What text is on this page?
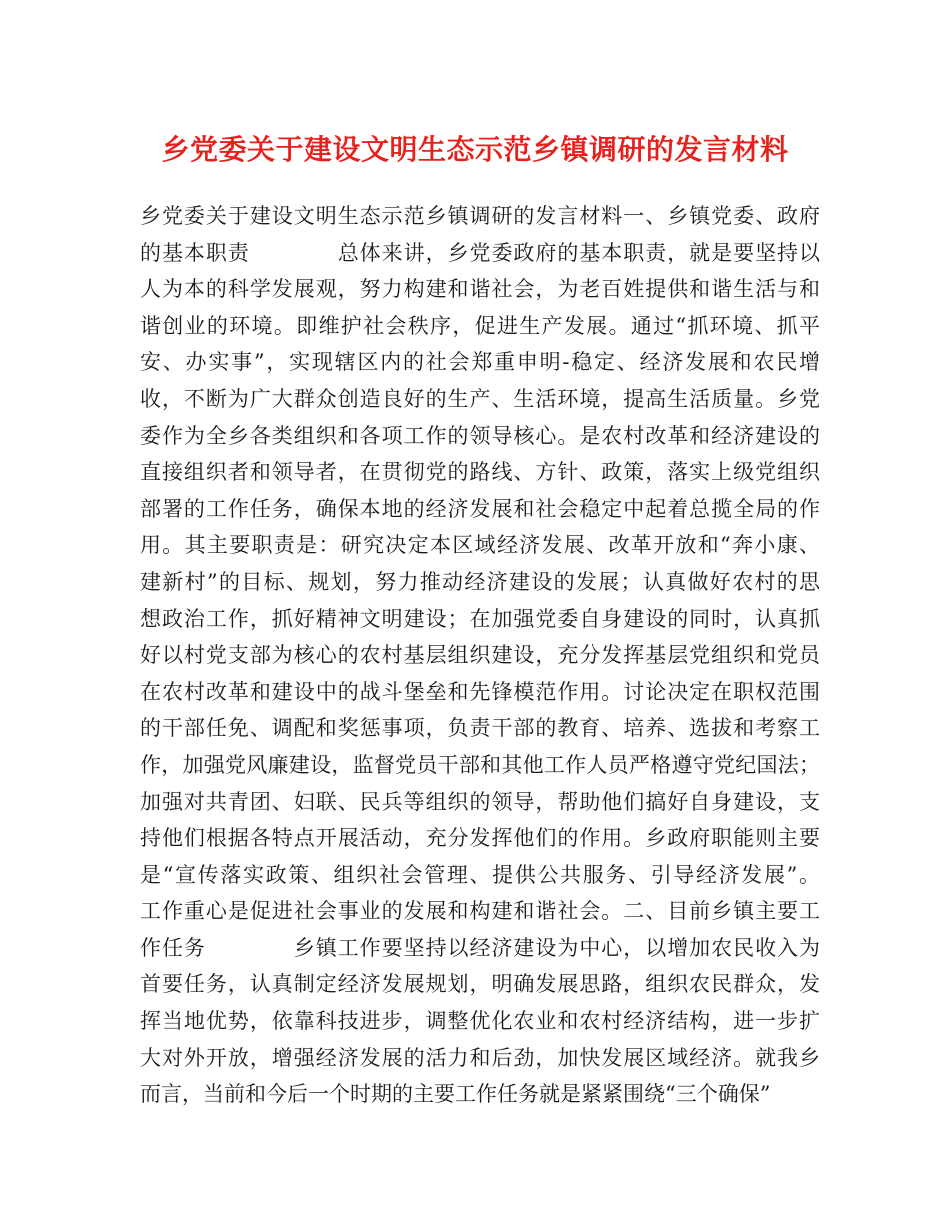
乡党委关于建设文明生态示范乡镇调研的发言材料
乡党委关于建设文明生态示范乡镇调研的发言材料一、乡镇党委、政府
的基本职责　　　　总体来讲，乡党委政府的基本职责，就是要坚持以
人为本的科学发展观，努力构建和谐社会，为老百姓提供和谐生活与和
谐创业的环境。即维护社会秩序，促进生产发展。通过“抓环境、抓平
安、办实事”，实现辖区内的社会郑重申明-稳定、经济发展和农民增
收，不断为广大群众创造良好的生产、生活环境，提高生活质量。乡党
委作为全乡各类组织和各项工作的领导核心。是农村改革和经济建设的
直接组织者和领导者，在贯彻党的路线、方针、政策，落实上级党组织
部署的工作任务，确保本地的经济发展和社会稳定中起着总揽全局的作
用。其主要职责是：研究决定本区域经济发展、改革开放和“奔小康、
建新村”的目标、规划，努力推动经济建设的发展；认真做好农村的思
想政治工作，抓好精神文明建设；在加强党委自身建设的同时，认真抓
好以村党支部为核心的农村基层组织建设，充分发挥基层党组织和党员
在农村改革和建设中的战斗堡垒和先锋模范作用。讨论决定在职权范围
的干部任免、调配和奖惩事项，负责干部的教育、培养、选拔和考察工
作，加强党风廉建设，监督党员干部和其他工作人员严格遵守党纪国法；
加强对共青团、妇联、民兵等组织的领导，帮助他们搞好自身建设，支
持他们根据各特点开展活动，充分发挥他们的作用。乡政府职能则主要
是“宣传落实政策、组织社会管理、提供公共服务、引导经济发展”。
工作重心是促进社会事业的发展和构建和谐社会。二、目前乡镇主要工
作任务　　　　乡镇工作要坚持以经济建设为中心，以增加农民收入为
首要任务，认真制定经济发展规划，明确发展思路，组织农民群众，发
挥当地优势，依靠科技进步，调整优化农业和农村经济结构，进一步扩
大对外开放，增强经济发展的活力和后劲，加快发展区域经济。就我乡
而言，当前和今后一个时期的主要工作任务就是紧紧围绕“三个确保”
